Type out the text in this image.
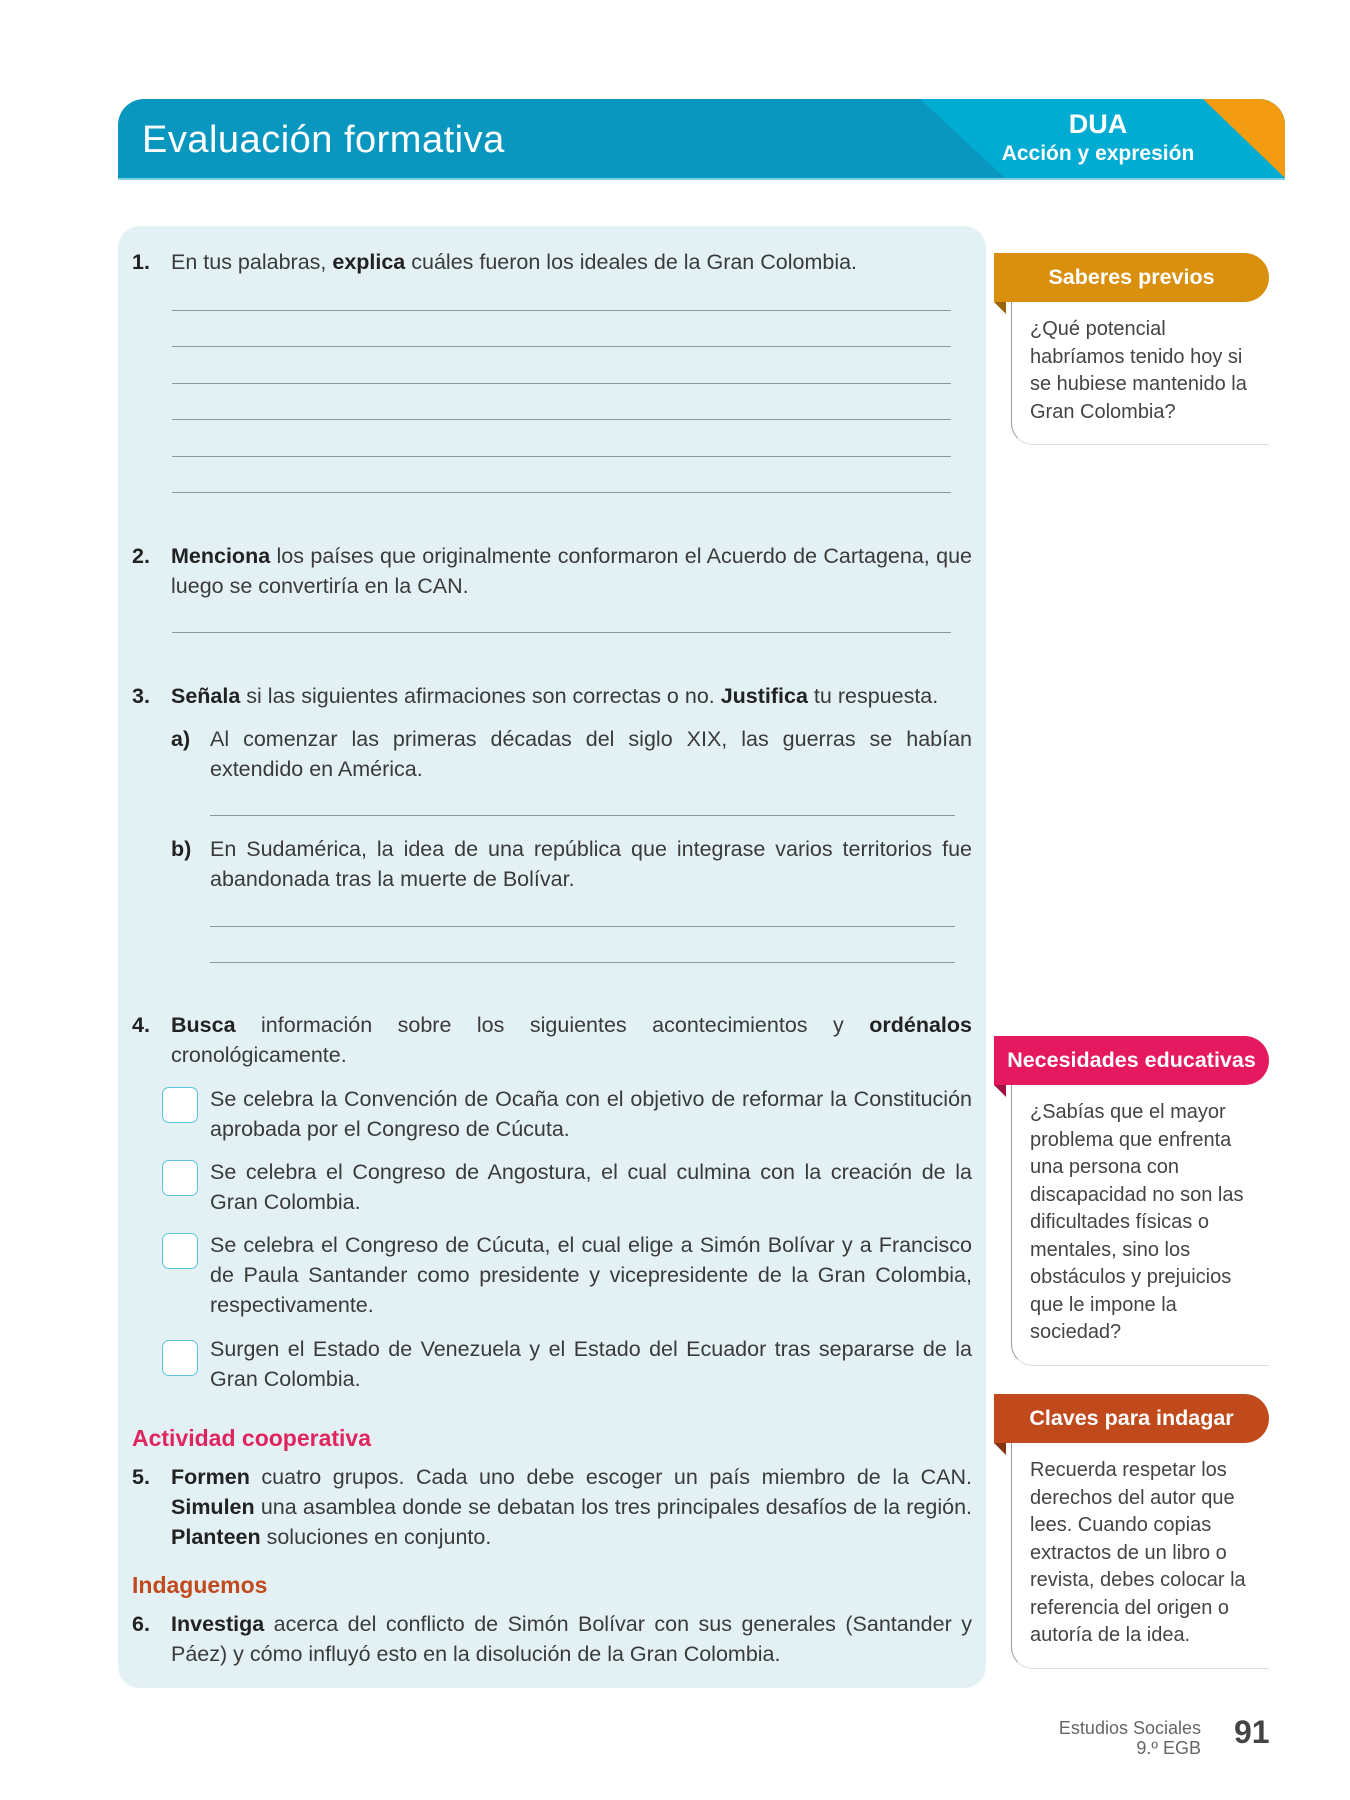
Evaluación formativa	DUA
Acción y expresión
1. En tus palabras, explica cuáles fueron los ideales de la Gran Colombia.
2. Menciona los países que originalmente conformaron el Acuerdo de Cartagena, que luego se convertiría en la CAN.
3. Señala si las siguientes afirmaciones son correctas o no. Justifica tu respuesta.
a) Al comenzar las primeras décadas del siglo XIX, las guerras se habían extendido en América.
b) En Sudamérica, la idea de una república que integrase varios territorios fue abandonada tras la muerte de Bolívar.
4. Busca información sobre los siguientes acontecimientos y ordénalos cronológicamente.
Se celebra la Convención de Ocaña con el objetivo de reformar la Constitución aprobada por el Congreso de Cúcuta.
Se celebra el Congreso de Angostura, el cual culmina con la creación de la Gran Colombia.
Se celebra el Congreso de Cúcuta, el cual elige a Simón Bolívar y a Francisco de Paula Santander como presidente y vicepresidente de la Gran Colombia, respectivamente.
Surgen el Estado de Venezuela y el Estado del Ecuador tras separarse de la Gran Colombia.
Actividad cooperativa
5. Formen cuatro grupos. Cada uno debe escoger un país miembro de la CAN. Simulen una asamblea donde se debatan los tres principales desafíos de la región. Planteen soluciones en conjunto.
Indaguemos
6. Investiga acerca del conflicto de Simón Bolívar con sus generales (Santander y Páez) y cómo influyó esto en la disolución de la Gran Colombia.
Saberes previos
¿Qué potencial habríamos tenido hoy si se hubiese mantenido la Gran Colombia?
Necesidades educativas
¿Sabías que el mayor problema que enfrenta una persona con discapacidad no son las dificultades físicas o mentales, sino los obstáculos y prejuicios que le impone la sociedad?
Claves para indagar
Recuerda respetar los derechos del autor que lees. Cuando copias extractos de un libro o revista, debes colocar la referencia del origen o autoría de la idea.
Estudios Sociales
9.º EGB 91
